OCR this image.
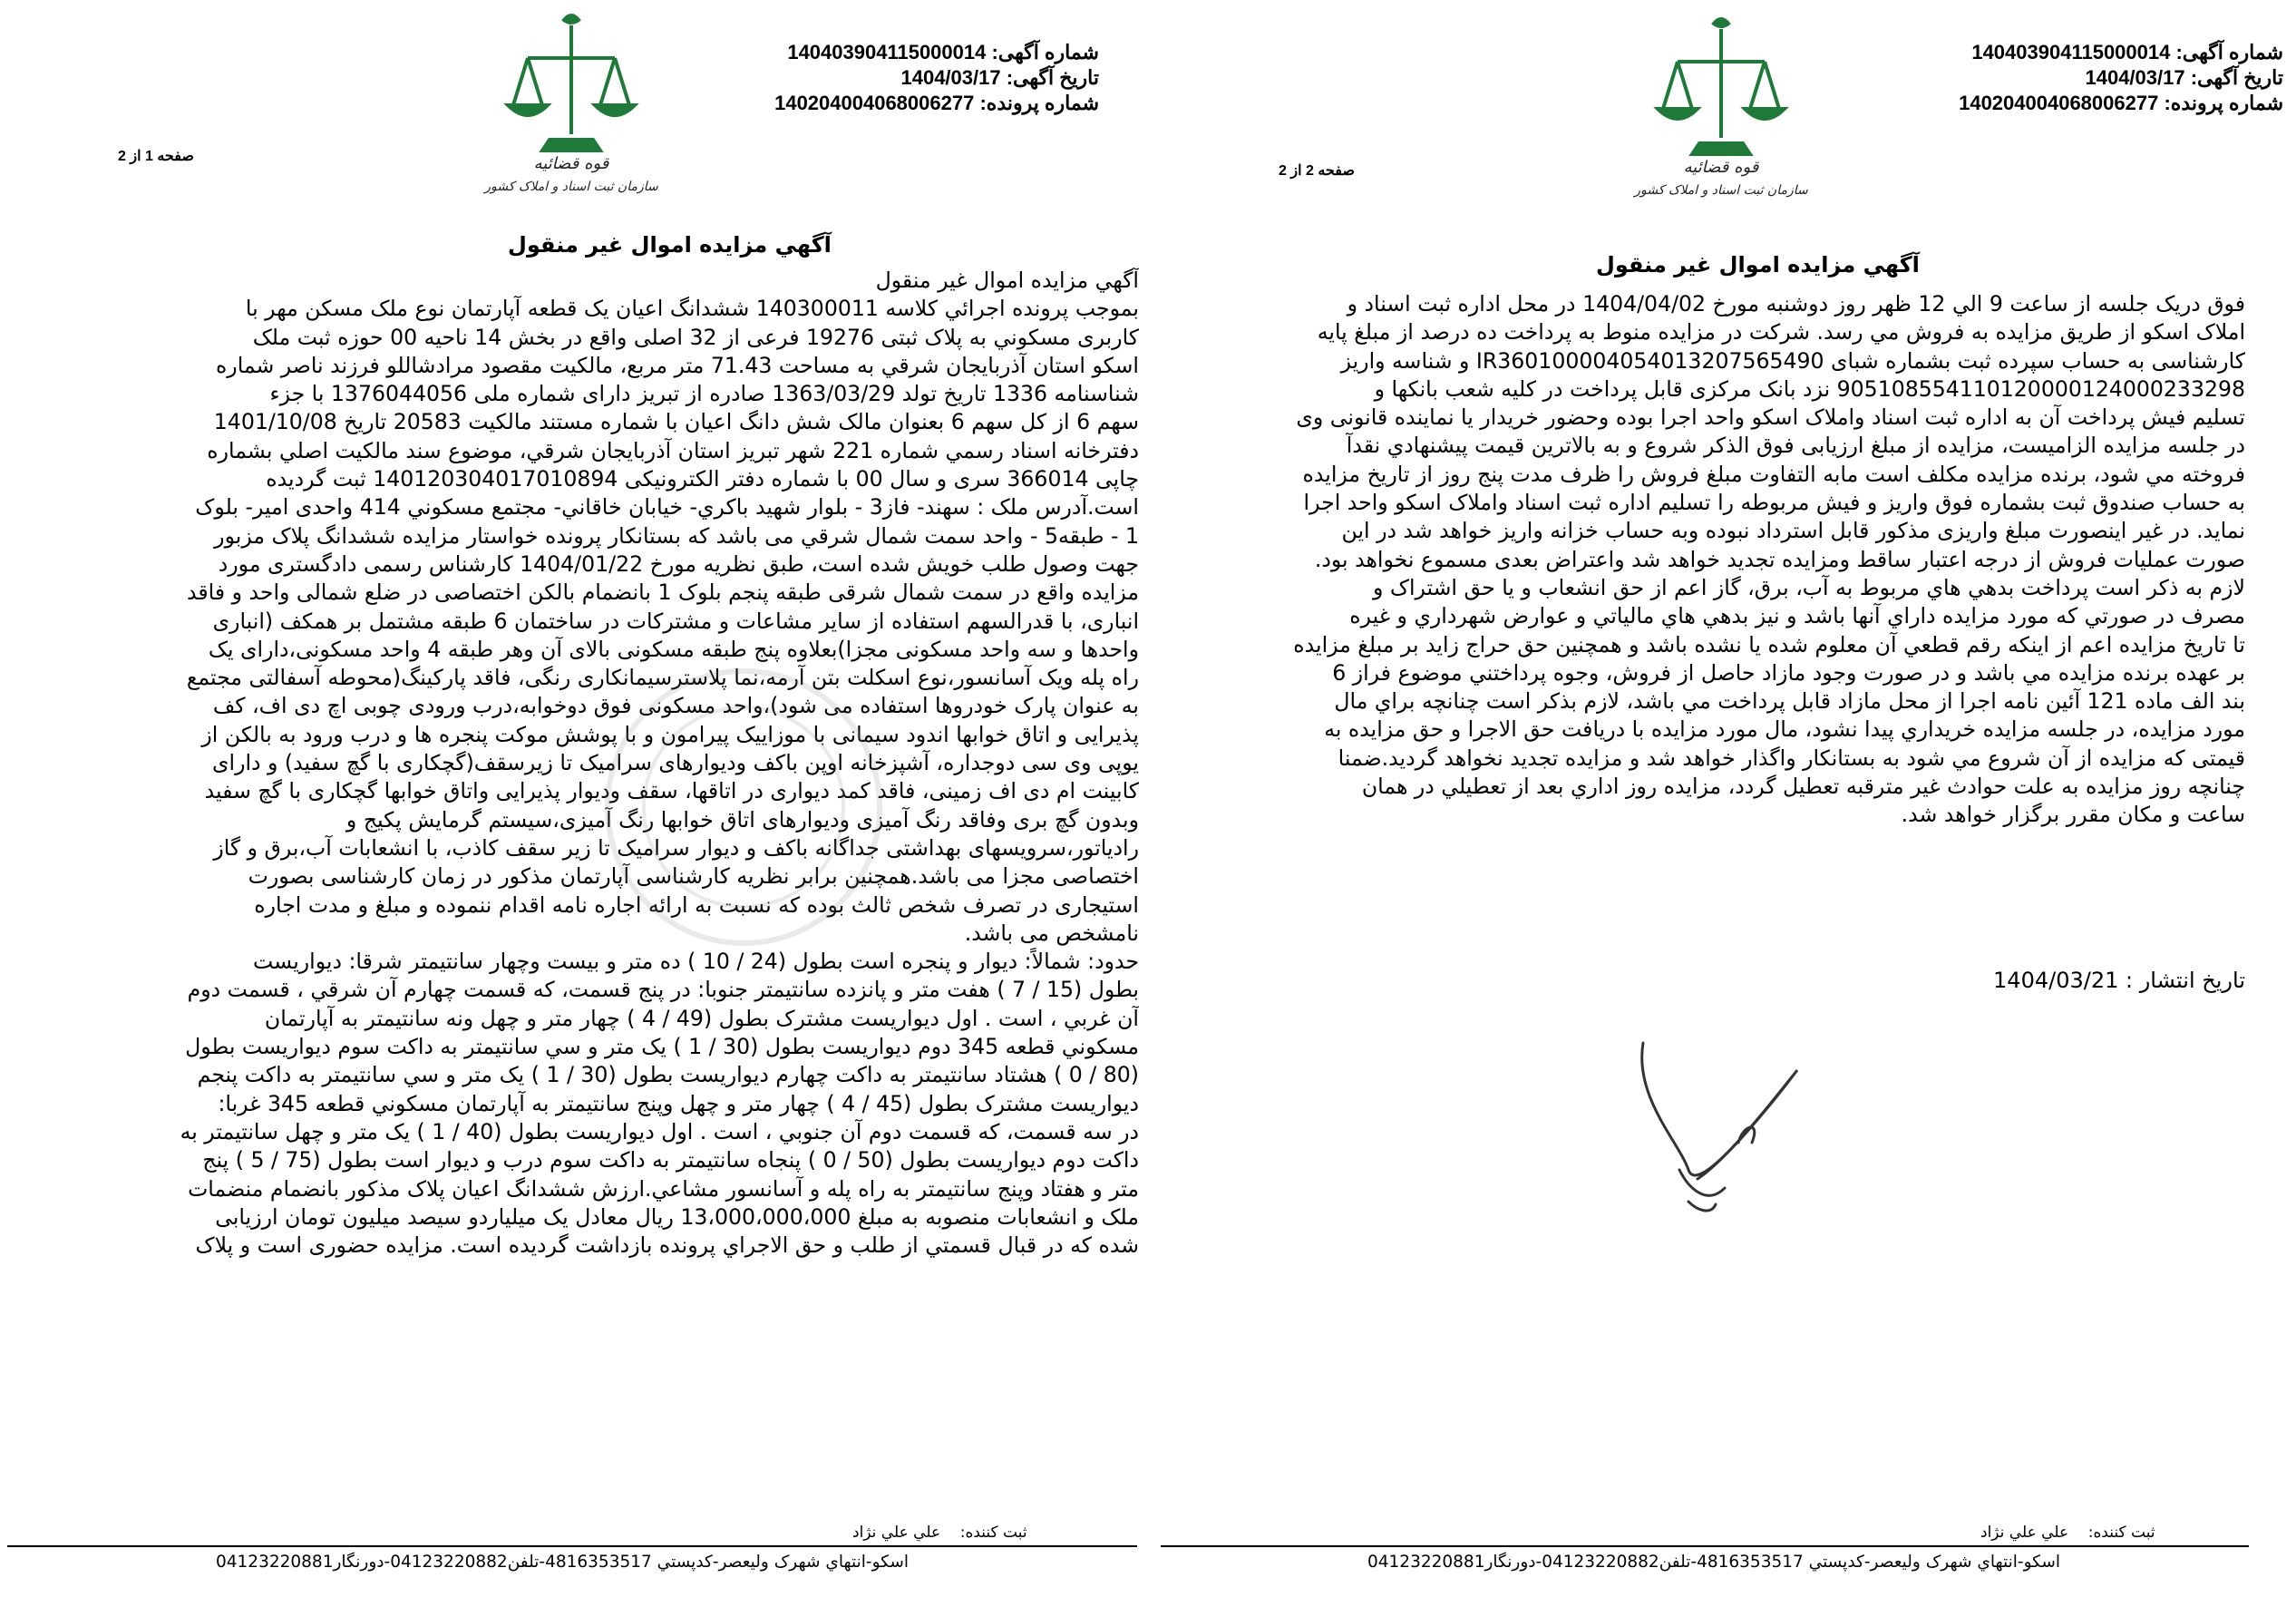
شماره آگهی: 140403904115000014
تاریخ آگهی: 1404/03/17
شماره پرونده: 140204004068006277
قوه قضائیه
سازمان ثبت اسناد و املاک کشور
صفحه 2 از 2
آگهي مزايده اموال غير منقول

فوق دريک جلسه از ساعت 9 الي 12 ظهر روز دوشنبه مورخ 1404/04/02 در محل اداره ثبت اسناد و

املاک اسکو از طريق مزايده به فروش مي رسد. شرکت در مزايده منوط به پرداخت ده درصد از مبلغ پايه

کارشناسی به حساب سپرده ثبت بشماره شبای IR360100004054013207565490 و شناسه واريز

905108554110120000124000233298 نزد بانک مرکزی قابل پرداخت در کليه شعب بانکها و

تسليم فيش پرداخت آن به اداره ثبت اسناد واملاک اسکو واحد اجرا بوده وحضور خريدار يا نماينده قانونی وی

در جلسه مزايده الزاميست، مزايده از مبلغ ارزيابی فوق الذکر شروع و به بالاترين قيمت پيشنهادي نقدآ

فروخته مي شود، برنده مزايده مکلف است مابه التفاوت مبلغ فروش را ظرف مدت پنج روز از تاريخ مزايده

به حساب صندوق ثبت بشماره فوق واريز و فيش مربوطه را تسليم اداره ثبت اسناد واملاک اسکو واحد اجرا

نمايد. در غير اينصورت مبلغ واريزی مذکور قابل استرداد نبوده وبه حساب خزانه واريز خواهد شد در اين

صورت عمليات فروش از درجه اعتبار ساقط ومزايده تجديد خواهد شد واعتراض بعدی مسموع نخواهد بود.

لازم به ذکر است پرداخت بدهي هاي مربوط به آب، برق، گاز اعم از حق انشعاب و يا حق اشتراک و

مصرف در صورتي که مورد مزايده داراي آنها باشد و نيز بدهي هاي مالياتي و عوارض شهرداري و غيره

تا تاريخ مزايده اعم از اينکه رقم قطعي آن معلوم شده يا نشده باشد و همچنين حق حراج زايد بر مبلغ مزايده

بر عهده برنده مزايده مي باشد و در صورت وجود مازاد حاصل از فروش، وجوه پرداختني موضوع فراز 6

بند الف ماده 121 آئين نامه اجرا از محل مازاد قابل پرداخت مي باشد، لازم بذکر است چنانچه براي مال

مورد مزايده، در جلسه مزايده خريداري پيدا نشود، مال مورد مزايده با دريافت حق الاجرا و حق مزايده به

قيمتی که مزايده از آن شروع مي شود به بستانکار واگذار خواهد شد و مزايده تجديد نخواهد گرديد.ضمنا

چنانچه روز مزايده به علت حوادث غير مترقبه تعطيل گردد، مزايده روز اداري بعد از تعطيلي در همان

ساعت و مکان مقرر برگزار خواهد شد.

تاريخ انتشار : 1404/03/21
شماره آگهی: 140403904115000014
تاریخ آگهی: 1404/03/17
شماره پرونده: 140204004068006277
قوه قضائیه
سازمان ثبت اسناد و املاک کشور
صفحه 1 از 2
آگهي مزايده اموال غير منقول

آگهي مزايده اموال غير منقول

بموجب پرونده اجرائي کلاسه 140300011 ششدانگ اعيان يک قطعه آپارتمان نوع ملک مسکن مهر با

کاربری مسکوني به پلاک ثبتی 19276 فرعی از 32 اصلی واقع در بخش 14 ناحيه 00 حوزه ثبت ملک

اسکو استان آذربايجان شرقي به مساحت 71.43 متر مربع، مالکيت مقصود مرادشاللو فرزند ناصر شماره

شناسنامه 1336 تاريخ تولد 1363/03/29 صادره از تبريز دارای شماره ملی 1376044056 با جزء

سهم 6 از کل سهم 6 بعنوان مالک شش دانگ اعيان با شماره مستند مالکيت 20583 تاريخ 1401/10/08

دفترخانه اسناد رسمي شماره 221 شهر تبريز استان آذربايجان شرقي، موضوع سند مالکيت اصلي بشماره

چاپی 366014 سری و سال 00 با شماره دفتر الکترونيکی 140120304017010894 ثبت گرديده

است.آدرس ملک : سهند- فاز3 - بلوار شهيد باکري- خيابان خاقاني- مجتمع مسکوني 414 واحدی امير- بلوک

1 - طبقه5 - واحد سمت شمال شرقي می باشد که بستانکار پرونده خواستار مزايده ششدانگ پلاک مزبور

جهت وصول طلب خويش شده است، طبق نظريه مورخ 1404/01/22 کارشناس رسمی دادگستری مورد

مزايده واقع در سمت شمال شرقی طبقه پنجم بلوک 1 بانضمام بالکن اختصاصی در ضلع شمالی واحد و فاقد

انباری، با قدرالسهم استفاده از ساير مشاعات و مشترکات در ساختمان 6 طبقه مشتمل بر همکف (انباری

واحدها و سه واحد مسکونی مجزا)بعلاوه پنج طبقه مسکونی بالای آن وهر طبقه 4 واحد مسکونی،دارای يک

راه پله ويک آسانسور،نوع اسکلت بتن آرمه،نما پلاسترسيمانکاری رنگی، فاقد پارکينگ(محوطه آسفالتی مجتمع

به عنوان پارک خودروها استفاده می شود)،واحد مسکونی فوق دوخوابه،درب ورودی چوبی اچ دی اف، کف

پذيرايی و اتاق خوابها اندود سيمانی با موزاييک پيرامون و با پوشش موکت پنجره ها و درب ورود به بالکن از

يوپی وی سی دوجداره، آشپزخانه اوپن باکف وديوارهای سراميک تا زيرسقف(گچکاری با گچ سفيد) و دارای

کابينت ام دی اف زمينی، فاقد کمد ديواری در اتاقها، سقف وديوار پذيرايی واتاق خوابها گچکاری با گچ سفيد

وبدون گچ بری وفاقد رنگ آميزی وديوارهای اتاق خوابها رنگ آميزی،سيستم گرمايش پکيج و

رادياتور،سرويسهای بهداشتی جداگانه باکف و ديوار سراميک تا زير سقف کاذب، با انشعابات آب،برق و گاز

اختصاصی مجزا می باشد.همچنين برابر نظريه کارشناسی آپارتمان مذکور در زمان کارشناسی بصورت

استيجاری در تصرف شخص ثالث بوده که نسبت به ارائه اجاره نامه اقدام ننموده و مبلغ و مدت اجاره

نامشخص می باشد.

حدود: شمالاً: ديوار و پنجره است بطول (24 / 10 ) ده متر و بيست وچهار سانتيمتر شرقا: ديواريست

بطول (15 / 7 ) هفت متر و پانزده سانتيمتر جنوبا: در پنج قسمت، که قسمت چهارم آن شرقي ، قسمت دوم

آن غربي ، است . اول ديواريست مشترک بطول (49 / 4 ) چهار متر و چهل ونه سانتيمتر به آپارتمان

مسکوني قطعه 345 دوم ديواريست بطول (30 / 1 ) يک متر و سي سانتيمتر به داکت سوم ديواريست بطول

(80 / 0 ) هشتاد سانتيمتر به داکت چهارم ديواريست بطول (30 / 1 ) يک متر و سي سانتيمتر به داکت پنجم

ديواريست مشترک بطول (45 / 4 ) چهار متر و چهل وپنج سانتيمتر به آپارتمان مسکوني قطعه 345 غربا:

در سه قسمت، که قسمت دوم آن جنوبي ، است . اول ديواريست بطول (40 / 1 ) يک متر و چهل سانتيمتر به

داکت دوم ديواريست بطول (50 / 0 ) پنجاه سانتيمتر به داکت سوم درب و ديوار است بطول (75 / 5 ) پنج

متر و هفتاد وپنج سانتيمتر به راه پله و آسانسور مشاعي.ارزش ششدانگ اعيان پلاک مذکور بانضمام منضمات

ملک و انشعابات منصوبه به مبلغ 13،000،000،000 ريال معادل يک ميلياردو سيصد ميليون تومان ارزيابی

شده که در قبال قسمتي از طلب و حق الاجراي پرونده بازداشت گرديده است. مزايده حضوری است و پلاک

ثبت کننده:    علي علي نژاد
اسکو-انتهاي شهرک وليعصر-کدپستي 4816353517-تلفن04123220882-دورنگار04123220881
ثبت کننده:    علي علي نژاد
اسکو-انتهاي شهرک وليعصر-کدپستي 4816353517-تلفن04123220882-دورنگار04123220881
